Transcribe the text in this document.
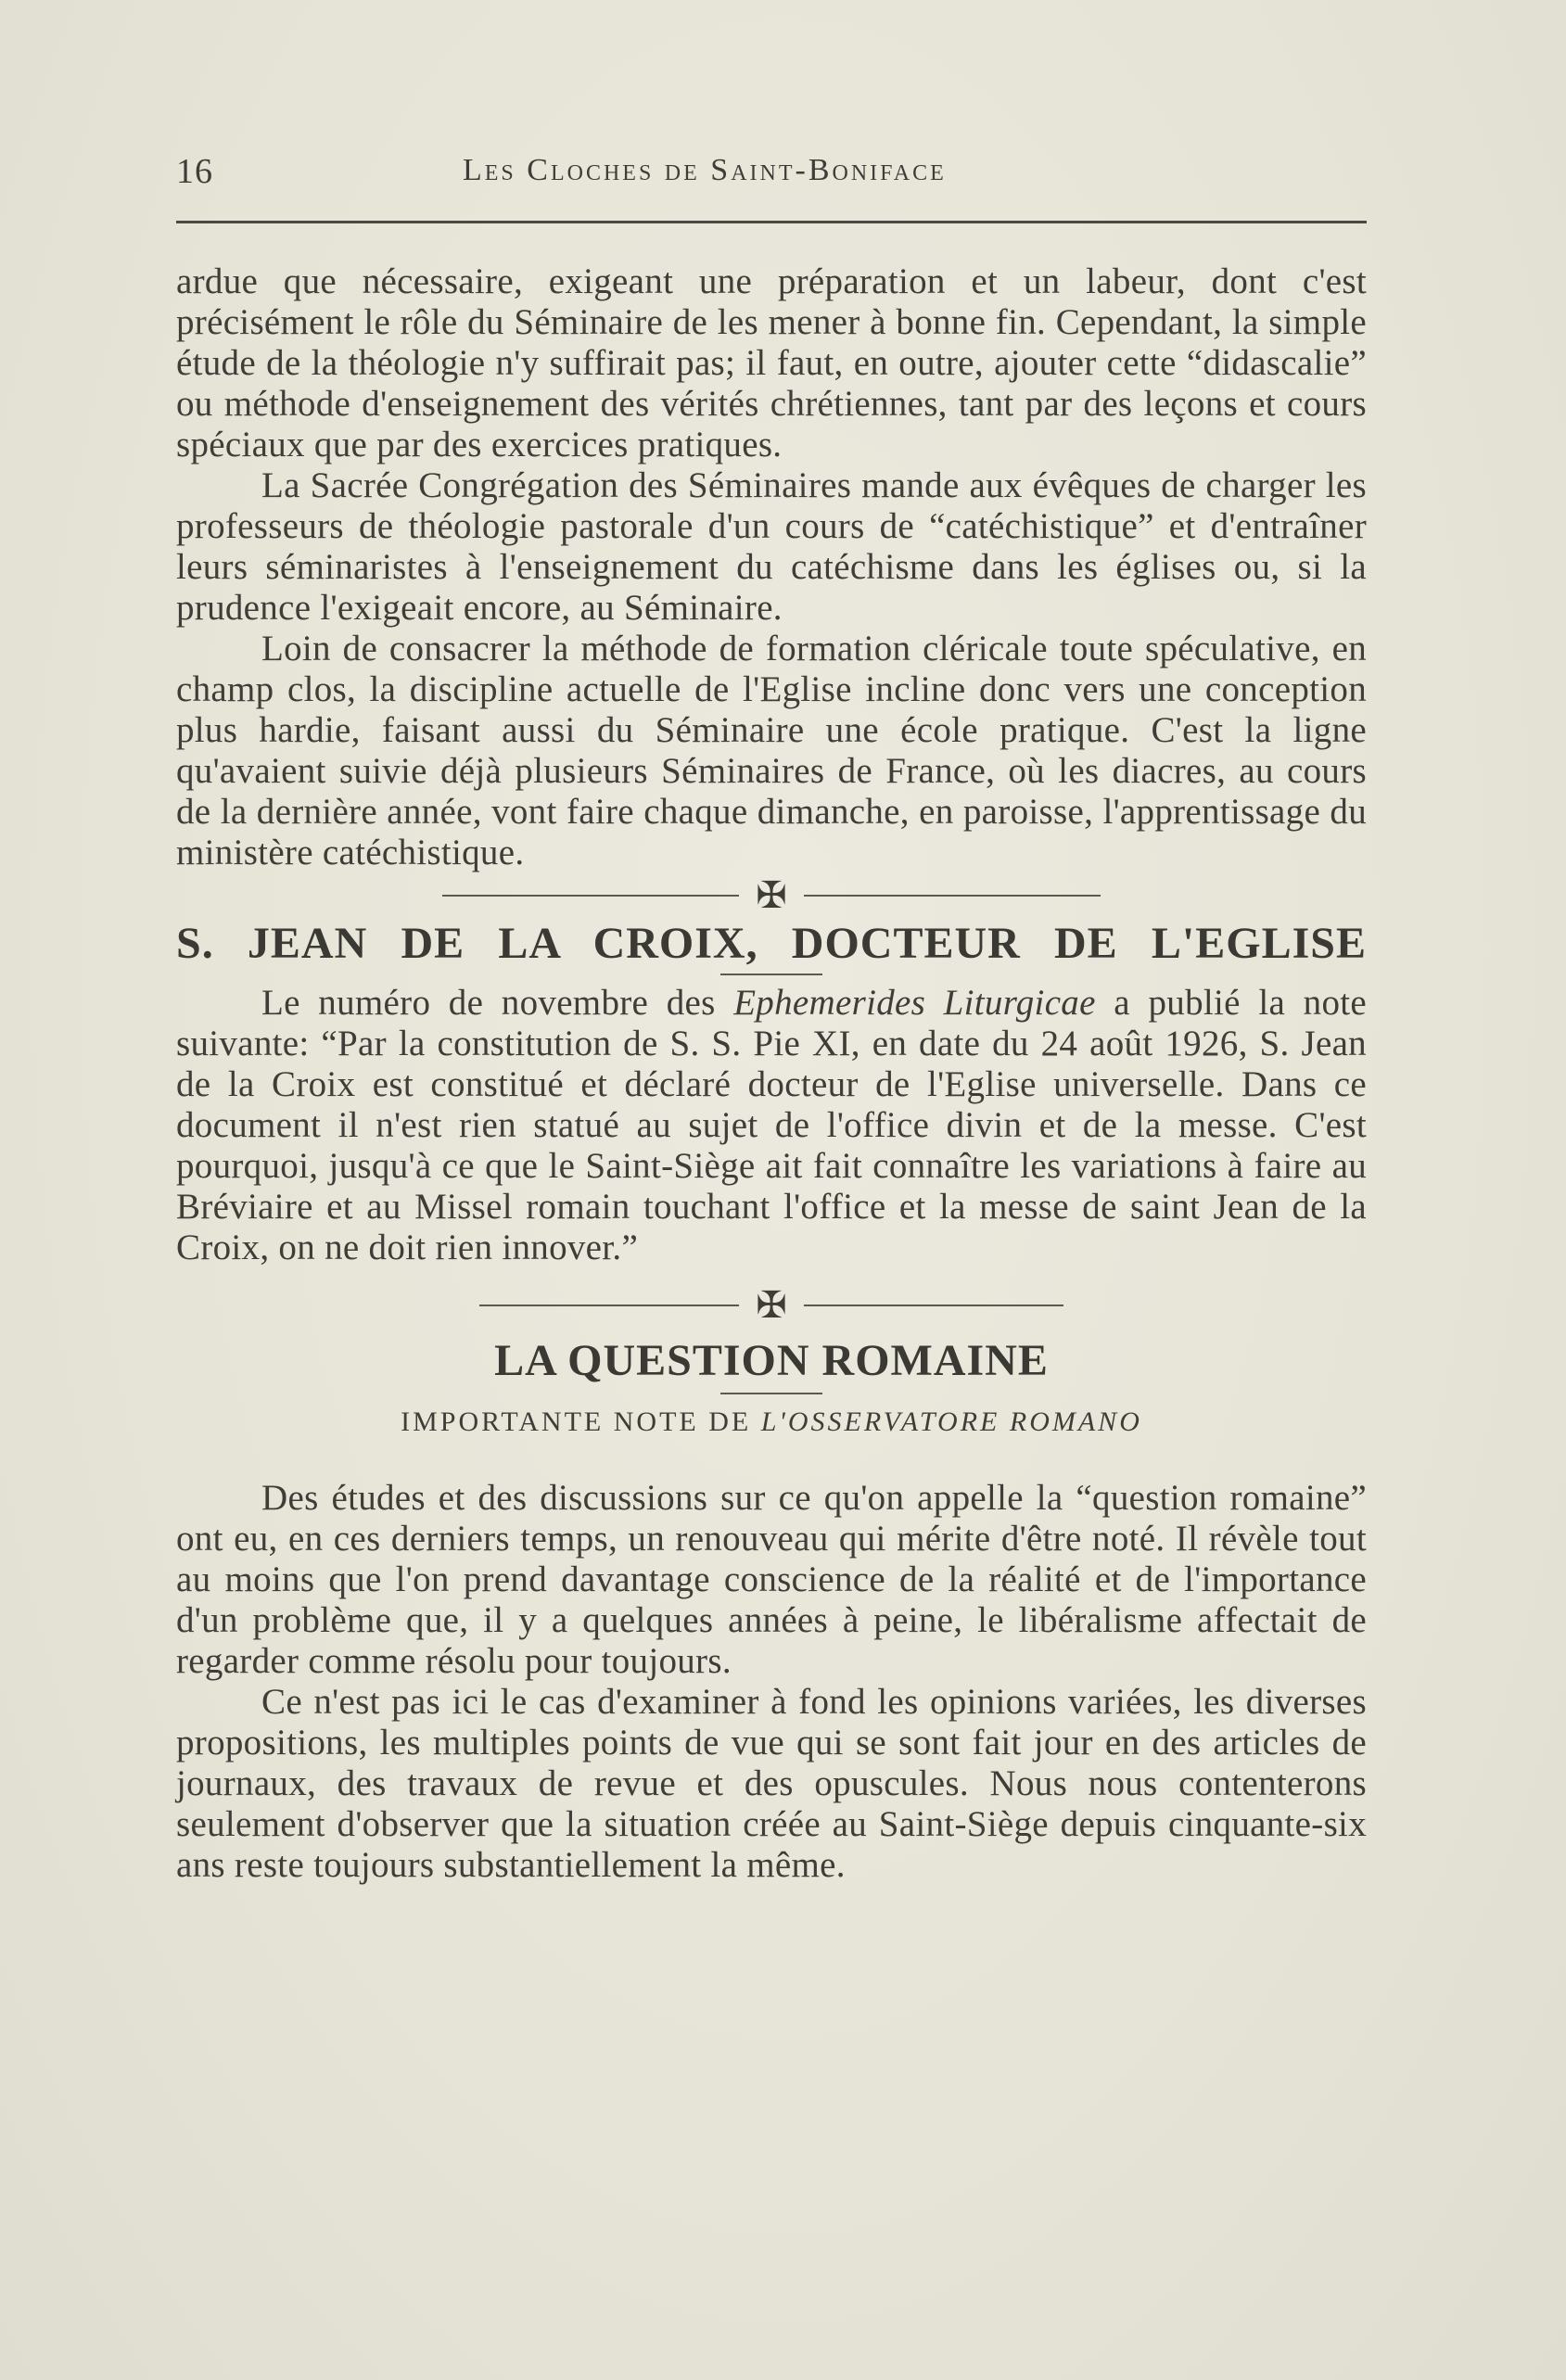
16	Les Cloches de Saint-Boniface

ardue que nécessaire, exigeant une préparation et un labeur, dont c'est précisément le rôle du Séminaire de les mener à bonne fin. Cependant, la simple étude de la théologie n'y suffirait pas; il faut, en outre, ajouter cette “didascalie” ou méthode d'enseignement des vérités chrétiennes, tant par des leçons et cours spéciaux que par des exercices pratiques.

La Sacrée Congrégation des Séminaires mande aux évêques de charger les professeurs de théologie pastorale d'un cours de “catéchistique” et d'entraîner leurs séminaristes à l'enseignement du catéchisme dans les églises ou, si la prudence l'exigeait encore, au Séminaire.

Loin de consacrer la méthode de formation cléricale toute spéculative, en champ clos, la discipline actuelle de l'Eglise incline donc vers une conception plus hardie, faisant aussi du Séminaire une école pratique. C'est la ligne qu'avaient suivie déjà plusieurs Séminaires de France, où les diacres, au cours de la dernière année, vont faire chaque dimanche, en paroisse, l'apprentissage du ministère catéchistique.

✠
S. JEAN DE LA CROIX, DOCTEUR DE L'EGLISE

Le numéro de novembre des Ephemerides Liturgicae a publié la note suivante: “Par la constitution de S. S. Pie XI, en date du 24 août 1926, S. Jean de la Croix est constitué et déclaré docteur de l'Eglise universelle. Dans ce document il n'est rien statué au sujet de l'office divin et de la messe. C'est pourquoi, jusqu'à ce que le Saint-Siège ait fait connaître les variations à faire au Bréviaire et au Missel romain touchant l'office et la messe de saint Jean de la Croix, on ne doit rien innover.”

✠
LA QUESTION ROMAINE
IMPORTANTE NOTE DE L'OSSERVATORE ROMANO

Des études et des discussions sur ce qu'on appelle la “question romaine” ont eu, en ces derniers temps, un renouveau qui mérite d'être noté. Il révèle tout au moins que l'on prend davantage conscience de la réalité et de l'importance d'un problème que, il y a quelques années à peine, le libéralisme affectait de regarder comme résolu pour toujours.

Ce n'est pas ici le cas d'examiner à fond les opinions variées, les diverses propositions, les multiples points de vue qui se sont fait jour en des articles de journaux, des travaux de revue et des opuscules. Nous nous contenterons seulement d'observer que la situation créée au Saint-Siège depuis cinquante-six ans reste toujours substantiellement la même.
